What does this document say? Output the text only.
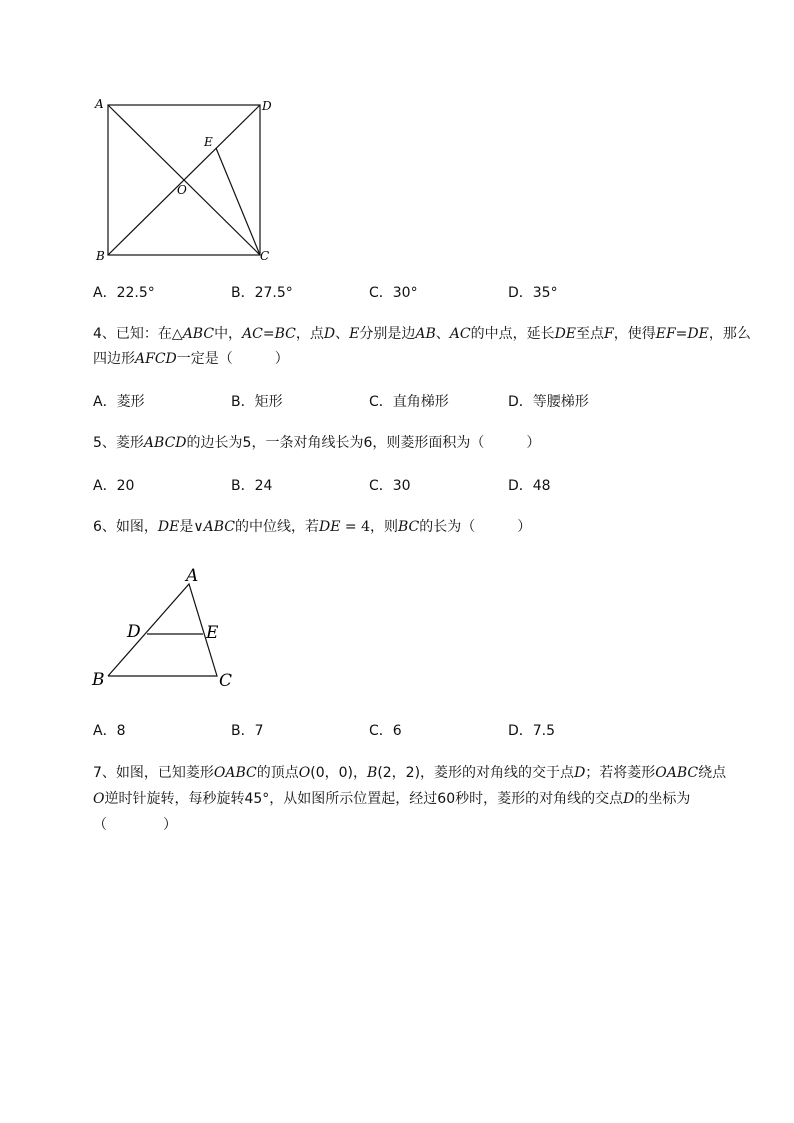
A	D
E
O
B	C
A．22.5°	B．27.5°	C．30°	D．35°
4、已知：在△ABC中，AC=BC，点D、E分别是边AB、AC的中点，延长DE至点F，使得EF=DE，那么
四边形AFCD一定是（　　　）
A．菱形	B．矩形	C．直角梯形	D．等腰梯形
5、菱形ABCD的边长为5，一条对角线长为6，则菱形面积为（　　　）
A．20	B．24	C．30	D．48
6、如图，DE是∨ABC的中位线，若DE = 4，则BC的长为（　　　）
A
D	E
B	C
A．8	B．7	C．6	D．7.5
7、如图，已知菱形OABC的顶点O(0，0)，B(2，2)，菱形的对角线的交于点D；若将菱形OABC绕点
O逆时针旋转，每秒旋转45°，从如图所示位置起，经过60秒时，菱形的对角线的交点D的坐标为
（　　　　）
